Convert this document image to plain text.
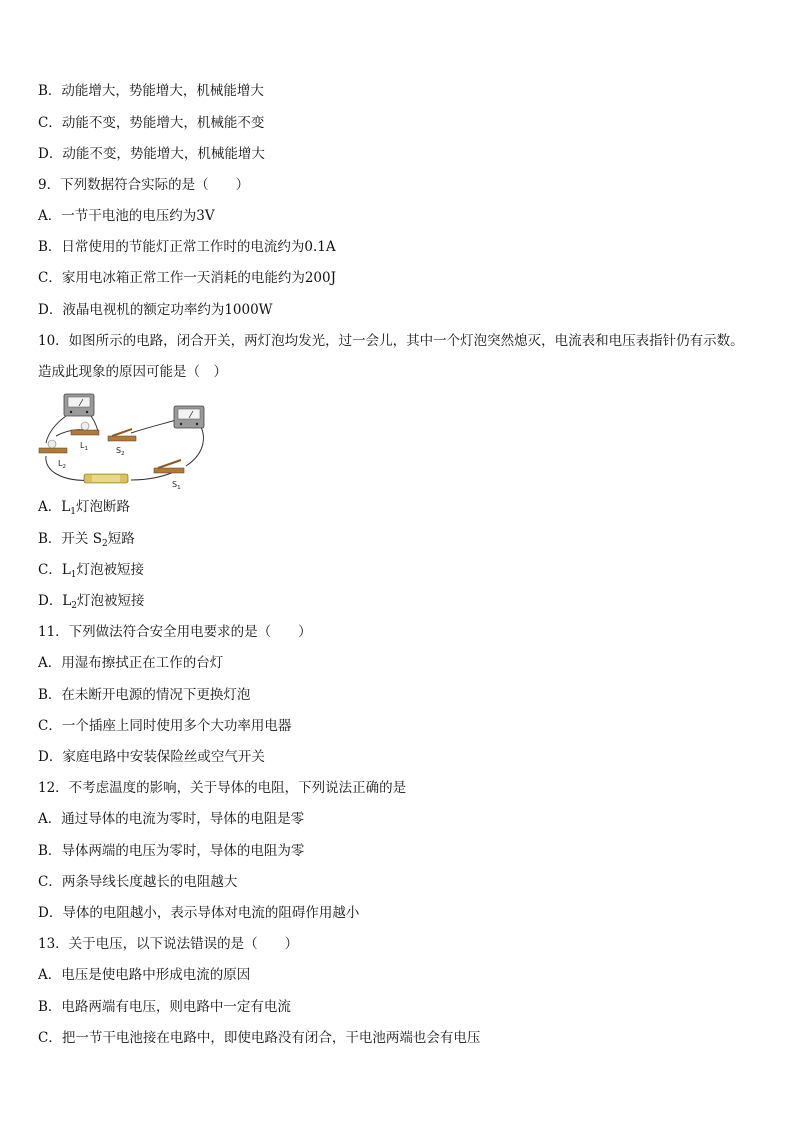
B．动能增大，势能增大，机械能增大
C．动能不变，势能增大，机械能不变
D．动能不变，势能增大，机械能增大
9．下列数据符合实际的是（　　）
A．一节干电池的电压约为3V
B．日常使用的节能灯正常工作时的电流约为0.1A
C．家用电冰箱正常工作一天消耗的电能约为200J
D．液晶电视机的额定功率约为1000W
10．如图所示的电路，闭合开关，两灯泡均发光，过一会儿，其中一个灯泡突然熄灭，电流表和电压表指针仍有示数。
造成此现象的原因可能是（　）
$L_1$	$S_2$
$L_2$
$S_1$
A．$L_1$灯泡断路
B．开关 $S_2$短路
C．$L_1$灯泡被短接
D．$L_2$灯泡被短接
11．下列做法符合安全用电要求的是（　　）
A．用湿布擦拭正在工作的台灯
B．在未断开电源的情况下更换灯泡
C．一个插座上同时使用多个大功率用电器
D．家庭电路中安装保险丝或空气开关
12．不考虑温度的影响，关于导体的电阻，下列说法正确的是
A．通过导体的电流为零时，导体的电阻是零
B．导体两端的电压为零时，导体的电阻为零
C．两条导线长度越长的电阻越大
D．导体的电阻越小，表示导体对电流的阻碍作用越小
13．关于电压，以下说法错误的是（　　）
A．电压是使电路中形成电流的原因
B．电路两端有电压，则电路中一定有电流
C．把一节干电池接在电路中，即使电路没有闭合，干电池两端也会有电压
